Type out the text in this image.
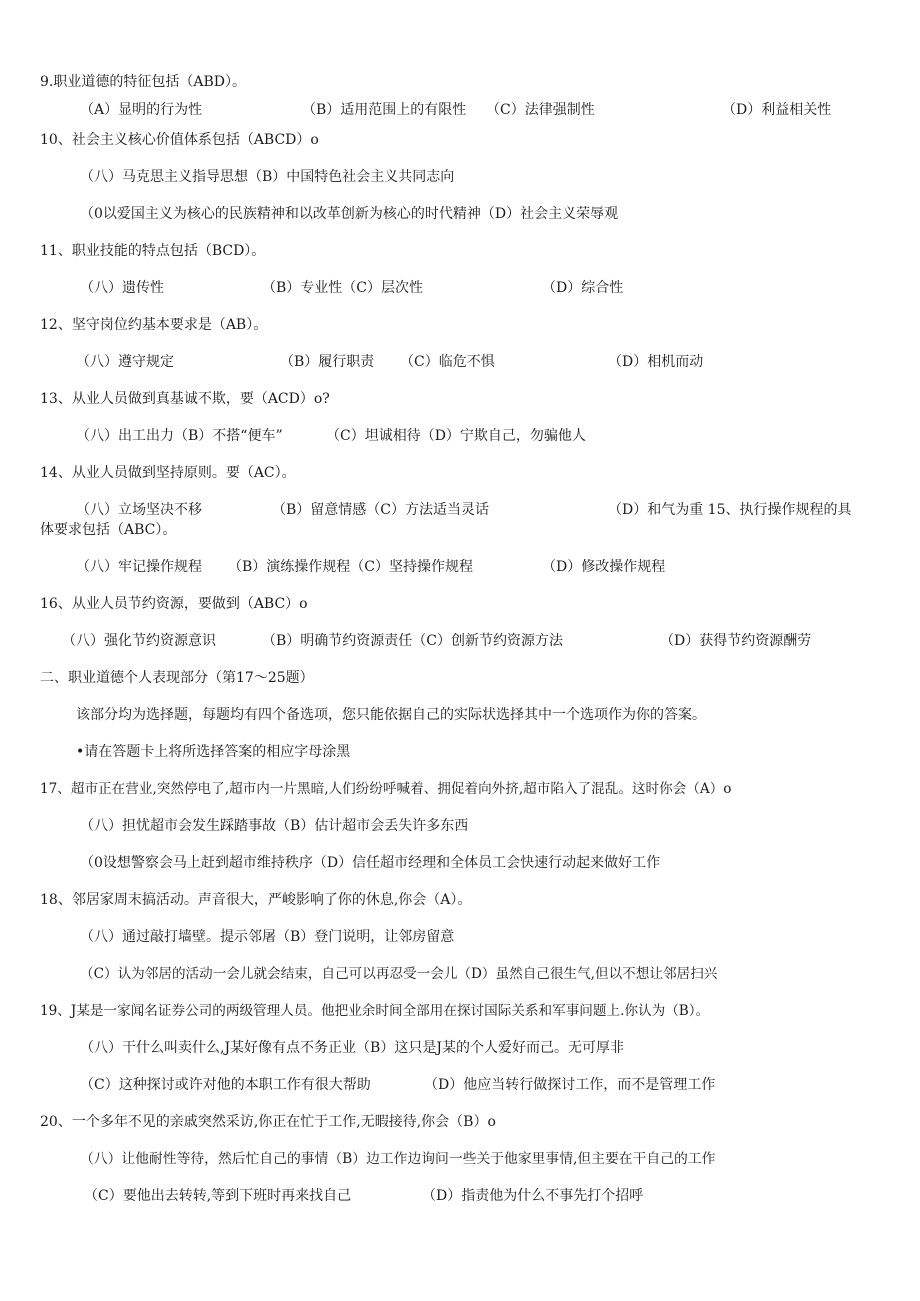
9.职业道德的特征包括（ABD）。
（A）显明的行为性	（B）适用范围上的有限性 （C）法律强制性	（D）利益相关性
10、社会主义核心价值体系包括（ABCD）o
（八）马克思主义指导思想（B）中国特色社会主义共同志向
（0以爱国主义为核心的民族精神和以改革创新为核心的时代精神（D）社会主义荣辱观
11、职业技能的特点包括（BCD）。
（八）遗传性	（B）专业性（C）层次性	（D）综合性
12、坚守岗位约基本要求是（AB）。
（八）遵守规定	（B）履行职责 （C）临危不惧	（D）相机而动
13、从业人员做到真基诚不欺，要（ACD）o?
（八）出工出力（B）不搭“便车”	（C）坦诚相待（D）宁欺自己，勿骗他人
14、从业人员做到坚持原则。要（AC）。
（八）立场坚决不移	（B）留意情感（C）方法适当灵话	（D）和气为重 15、执行操作规程的具
体要求包括（ABC）。
（八）牢记操作规程 （B）演练操作规程（C）坚持操作规程	（D）修改操作规程
16、从业人员节约资源，要做到（ABC）o
（八）强化节约资源意识	（B）明确节约资源责任（C）创新节约资源方法	（D）获得节约资源酬劳
二、职业道德个人表现部分（第17～25题）
该部分均为选择题，每题均有四个备选项，您只能依据自己的实际状选择其中一个选项作为你的答案。
•请在答题卡上将所选择答案的相应字母涂黑
17、超市正在营业,突然停电了,超市内一片黑暗,人们纷纷呼喊着、拥促着向外挤,超市陷入了混乱。这时你会（A）o
（八）担忧超市会发生踩踏事故（B）估计超市会丢失许多东西
（0设想警察会马上赶到超市维持秩序（D）信任超市经理和全体员工会快速行动起来做好工作
18、邻居家周末搞活动。声音很大，严峻影响了你的休息,你会（A）。
（八）通过敲打墙壁。提示邻屠（B）登门说明，让邻房留意
（C）认为邻居的活动一会儿就会结束，自己可以再忍受一会儿（D）虽然自己很生气,但以不想让邻居扫兴
19、J某是一家闻名证券公司的两级管理人员。他把业余时间全部用在探讨国际关系和军事问题上.你认为（B）。
（八）干什么叫卖什么,J某好像有点不务正业（B）这只是J某的个人爱好而己。无可厚非
（C）这种探讨或许对他的本职工作有很大帮助	（D）他应当转行做探讨工作，而不是管理工作
20、一个多年不见的亲戚突然采访,你正在忙于工作,无暇接待,你会（B）o
（八）让他耐性等待，然后忙自己的事情（B）边工作边询问一些关于他家里事情,但主要在干自己的工作
（C）要他出去转转,等到下班时再来找自己	（D）指责他为什么不事先打个招呼
